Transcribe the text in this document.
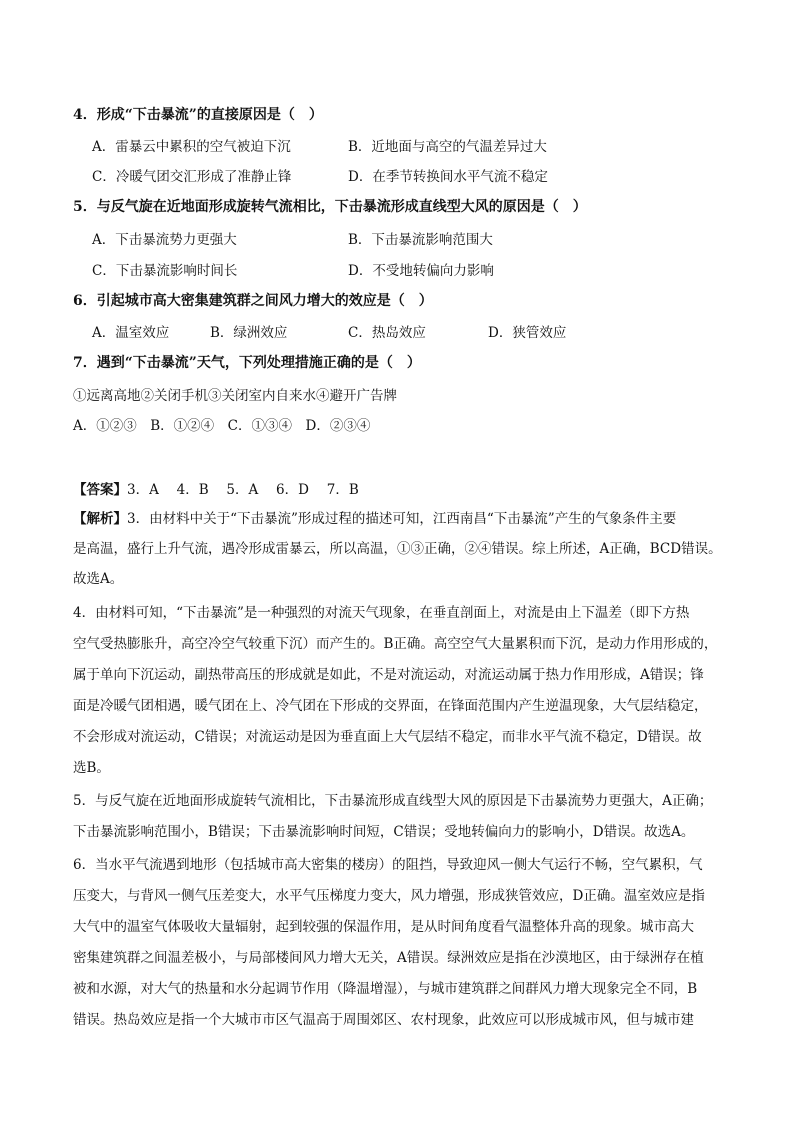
4．形成“下击暴流”的直接原因是（　）
A．雷暴云中累积的空气被迫下沉	B．近地面与高空的气温差异过大
C．冷暖气团交汇形成了准静止锋	D．在季节转换间水平气流不稳定
5．与反气旋在近地面形成旋转气流相比，下击暴流形成直线型大风的原因是（　）
A．下击暴流势力更强大	B．下击暴流影响范围大
C．下击暴流影响时间长	D．不受地转偏向力影响
6．引起城市高大密集建筑群之间风力增大的效应是（　）
A．温室效应	B．绿洲效应	C．热岛效应	D．狭管效应
7．遇到“下击暴流”天气，下列处理措施正确的是（　）
①远离高地②关闭手机③关闭室内自来水④避开广告牌
A．①②③　B．①②④　C．①③④　D．②③④
【答案】3．A　 4．B　 5．A　 6．D　 7．B
【解析】3．由材料中关于“下击暴流”形成过程的描述可知，江西南昌“下击暴流”产生的气象条件主要
是高温，盛行上升气流，遇冷形成雷暴云，所以高温，①③正确，②④错误。综上所述，A正确，BCD错误。
故选A。
4．由材料可知，“下击暴流”是一种强烈的对流天气现象，在垂直剖面上，对流是由上下温差（即下方热
空气受热膨胀升，高空冷空气较重下沉）而产生的。B正确。高空空气大量累积而下沉，是动力作用形成的，
属于单向下沉运动，副热带高压的形成就是如此，不是对流运动，对流运动属于热力作用形成，A错误；锋
面是冷暖气团相遇，暖气团在上、冷气团在下形成的交界面，在锋面范围内产生逆温现象，大气层结稳定，
不会形成对流运动，C错误；对流运动是因为垂直面上大气层结不稳定，而非水平气流不稳定，D错误。故
选B。
5．与反气旋在近地面形成旋转气流相比，下击暴流形成直线型大风的原因是下击暴流势力更强大，A正确；
下击暴流影响范围小，B错误；下击暴流影响时间短，C错误；受地转偏向力的影响小，D错误。故选A。
6．当水平气流遇到地形（包括城市高大密集的楼房）的阻挡，导致迎风一侧大气运行不畅，空气累积，气
压变大，与背风一侧气压差变大，水平气压梯度力变大，风力增强，形成狭管效应，D正确。温室效应是指
大气中的温室气体吸收大量辐射，起到较强的保温作用，是从时间角度看气温整体升高的现象。城市高大
密集建筑群之间温差极小，与局部楼间风力增大无关，A错误。绿洲效应是指在沙漠地区，由于绿洲存在植
被和水源，对大气的热量和水分起调节作用（降温增湿），与城市建筑群之间群风力增大现象完全不同，B
错误。热岛效应是指一个大城市市区气温高于周围郊区、农村现象，此效应可以形成城市风，但与城市建
